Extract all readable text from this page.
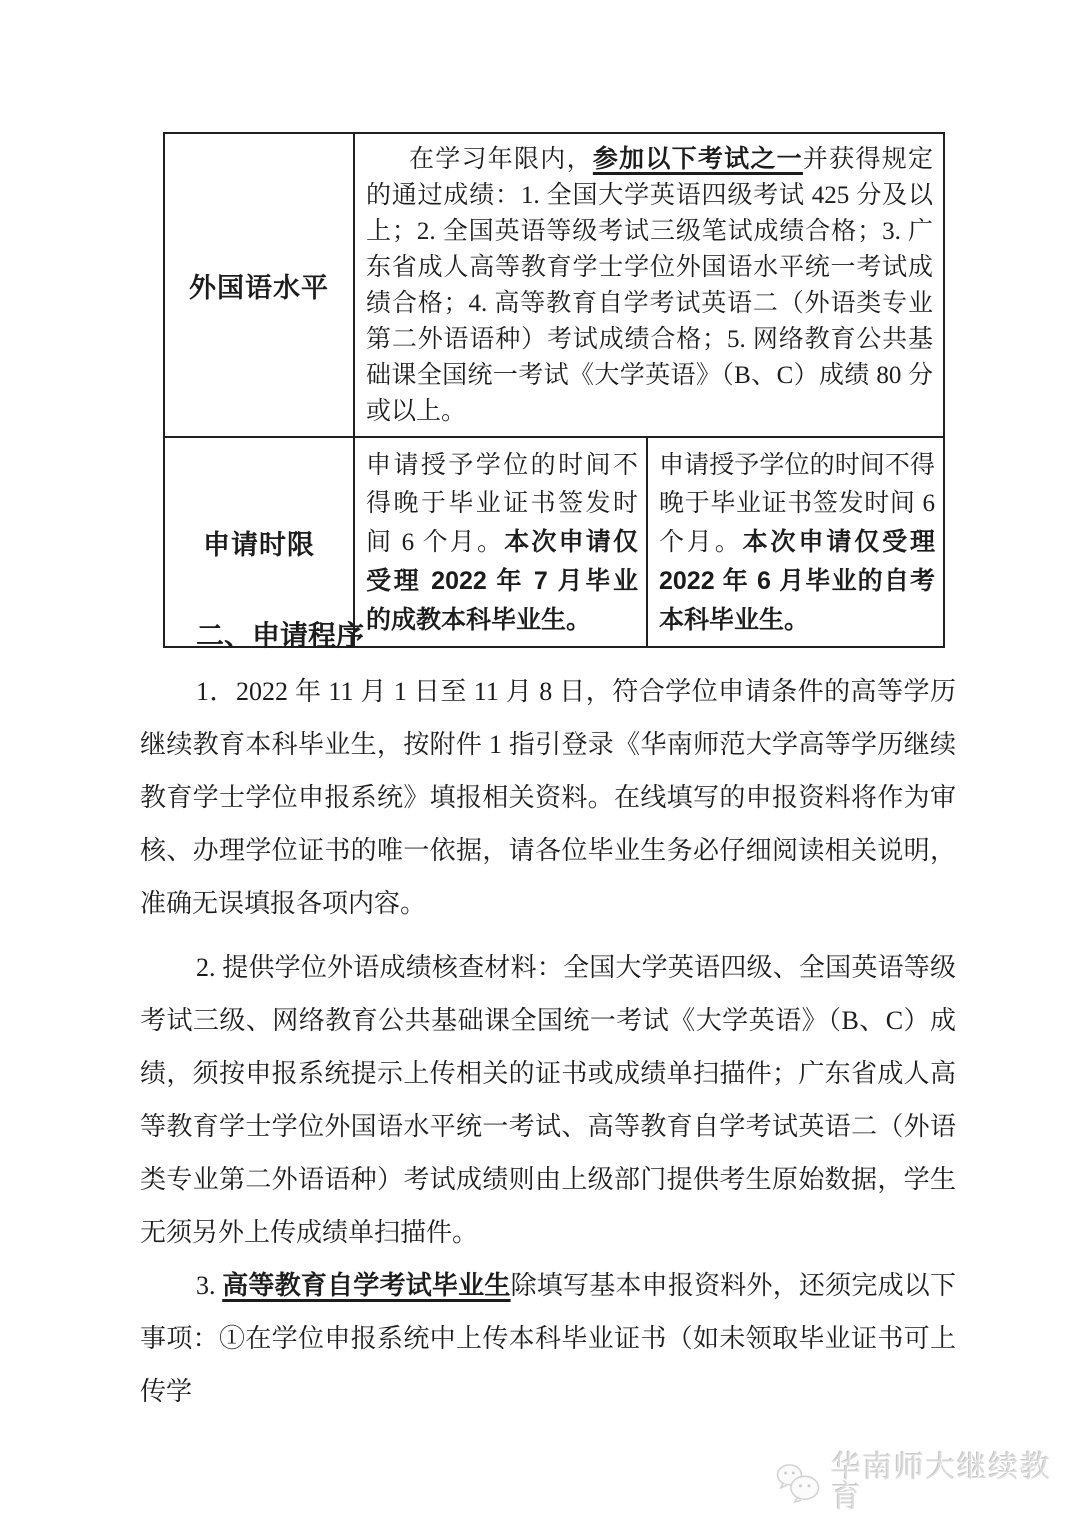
外国语水平	在学习年限内，参加以下考试之一并获得规定的通过成绩：1. 全国大学英语四级考试 425 分及以上；2. 全国英语等级考试三级笔试成绩合格；3. 广东省成人高等教育学士学位外国语水平统一考试成绩合格；4. 高等教育自学考试英语二（外语类专业第二外语语种）考试成绩合格；5. 网络教育公共基础课全国统一考试《大学英语》（B、C）成绩 80 分或以上。	

申请时限	申请授予学位的时间不得晚于毕业证书签发时间 6 个月。本次申请仅受理 2022 年 7 月毕业的成教本科毕业生。	申请授予学位的时间不得晚于毕业证书签发时间 6 个月。本次申请仅受理 2022 年 6 月毕业的自考本科毕业生。

二、申请程序

1．2022 年 11 月 1 日至 11 月 8 日，符合学位申请条件的高等学历继续教育本科毕业生，按附件 1 指引登录《华南师范大学高等学历继续教育学士学位申报系统》填报相关资料。在线填写的申报资料将作为审核、办理学位证书的唯一依据，请各位毕业生务必仔细阅读相关说明，准确无误填报各项内容。

2. 提供学位外语成绩核查材料：全国大学英语四级、全国英语等级考试三级、网络教育公共基础课全国统一考试《大学英语》（B、C）成绩，须按申报系统提示上传相关的证书或成绩单扫描件；广东省成人高等教育学士学位外国语水平统一考试、高等教育自学考试英语二（外语类专业第二外语语种）考试成绩则由上级部门提供考生原始数据，学生无须另外上传成绩单扫描件。

3. 高等教育自学考试毕业生除填写基本申报资料外，还须完成以下事项：①在学位申报系统中上传本科毕业证书（如未领取毕业证书可上传学

华南师大继续教育
